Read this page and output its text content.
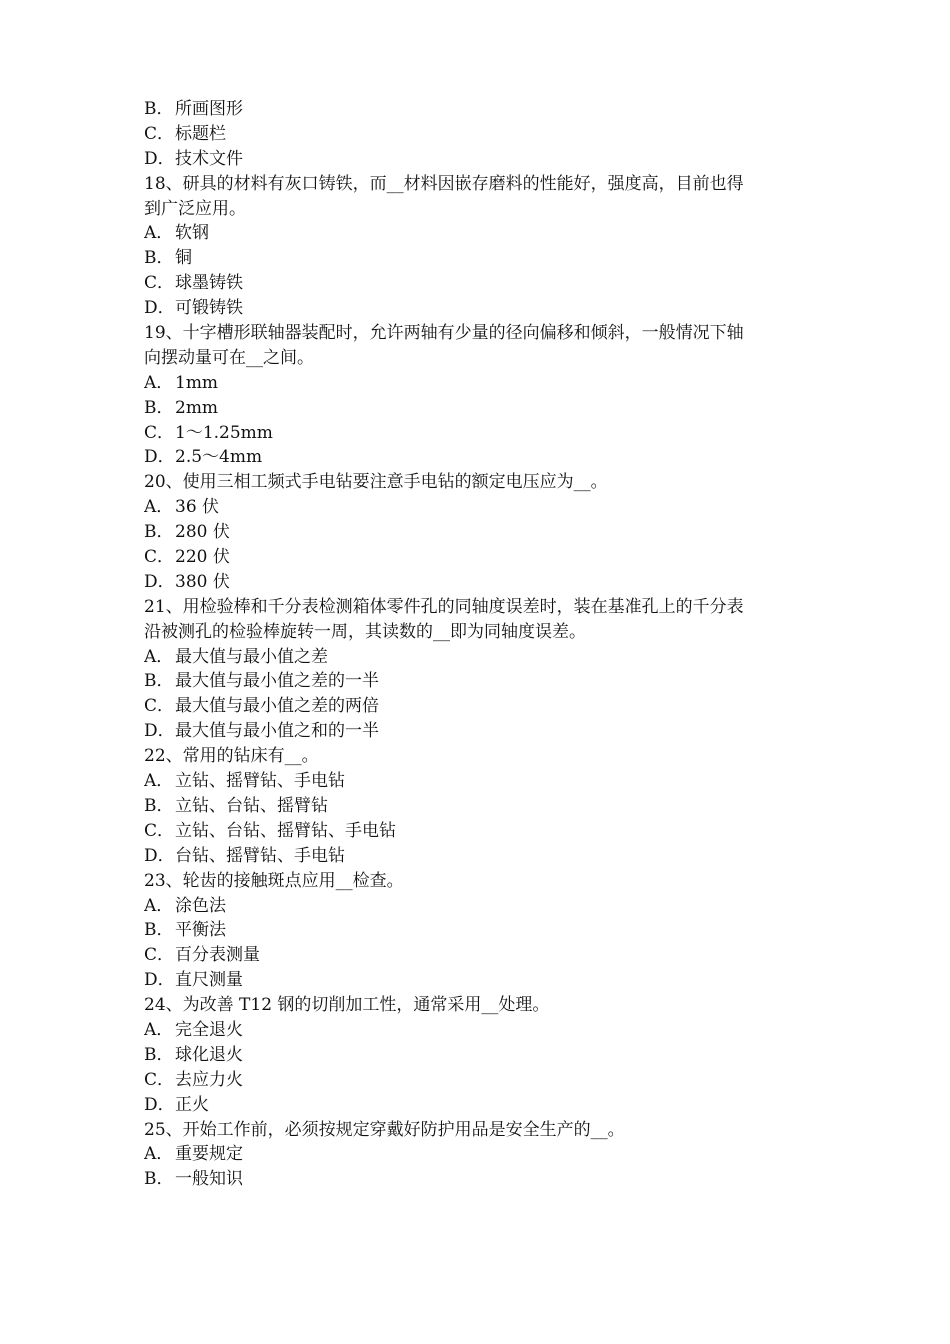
B．所画图形
C．标题栏
D．技术文件
18、研具的材料有灰口铸铁，而__材料因嵌存磨料的性能好，强度高，目前也得
到广泛应用。
A． 软钢
B．铜
C．球墨铸铁
D．可锻铸铁
19、十字槽形联轴器装配时，允许两轴有少量的径向偏移和倾斜，一般情况下轴
向摆动量可在__之间。
A． 1mm
B．2mm
C．1～1.25mm
D．2.5～4mm
20、使用三相工频式手电钻要注意手电钻的额定电压应为__。
A． 36 伏
B．280 伏
C．220 伏
D．380 伏
21、用检验棒和千分表检测箱体零件孔的同轴度误差时，装在基准孔上的千分表
沿被测孔的检验棒旋转一周，其读数的__即为同轴度误差。
A． 最大值与最小值之差
B．最大值与最小值之差的一半
C．最大值与最小值之差的两倍
D．最大值与最小值之和的一半
22、常用的钻床有__。
A． 立钻、摇臂钻、手电钻
B．立钻、台钻、摇臂钻
C．立钻、台钻、摇臂钻、手电钻
D．台钻、摇臂钻、手电钻
23、轮齿的接触斑点应用__检查。
A． 涂色法
B．平衡法
C．百分表测量
D．直尺测量
24、为改善 T12 钢的切削加工性，通常采用__处理。
A． 完全退火
B．球化退火
C．去应力火
D．正火
25、开始工作前，必须按规定穿戴好防护用品是安全生产的__。
A． 重要规定
B．一般知识
